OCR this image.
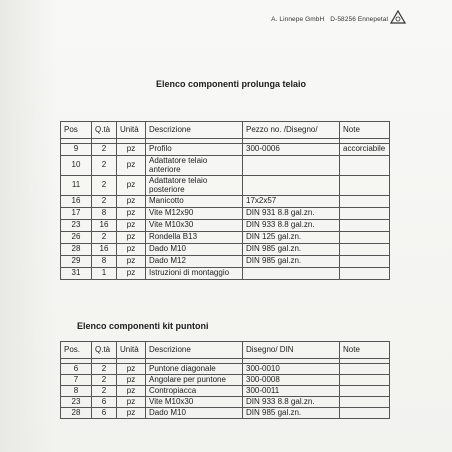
A. Linnepe GmbH D-58256 Ennepetal
Elenco componenti prolunga telaio
Pos	Q.tà	Unità	Descrizione	Pezzo no. /Disegno/	Note

9	2	pz	Profilo	300-0006	accorciabile
10	2	pz	Adattatore telaio anteriore		
11	2	pz	Adattatore telaio posteriore		
16	2	pz	Manicotto	17x2x57	
17	8	pz	Vite M12x90	DIN 931 8.8 gal.zn.	
23	16	pz	Vite M10x30	DIN 933 8.8 gal.zn.	
26	2	pz	Rondella B13	DIN 125 gal.zn.	
28	16	pz	Dado M10	DIN 985 gal.zn.	
29	8	pz	Dado M12	DIN 985 gal.zn.	
31	1	pz	Istruzioni di montaggio		
Elenco componenti kit puntoni
Pos.	Q.tà	Unità	Descrizione	Disegno/ DIN	Note

6	2	pz	Puntone diagonale	300-0010	
7	2	pz	Angolare per puntone	300-0008	
8	2	pz	Contropiacca	300-0011	
23	6	pz	Vite M10x30	DIN 933 8.8 gal.zn.	
28	6	pz	Dado M10	DIN 985 gal.zn.	
